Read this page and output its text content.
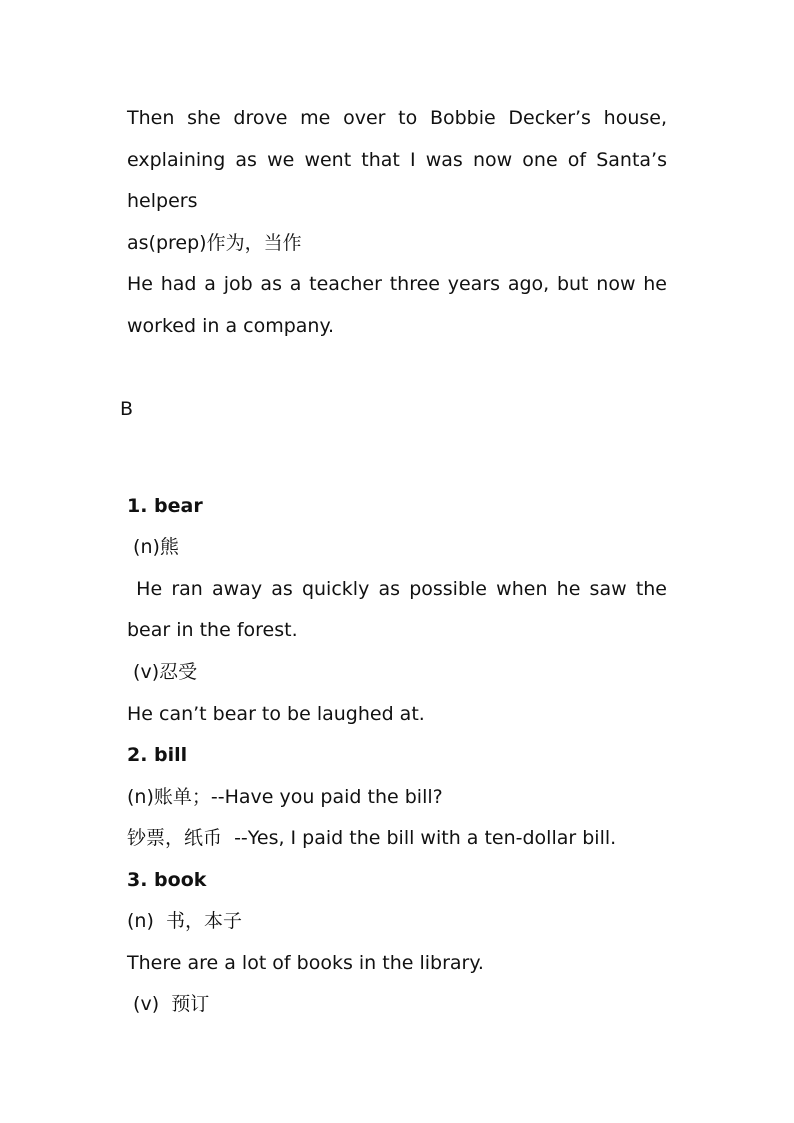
Then she drove me over to Bobbie Decker’s house,
explaining as we went that I was now one of Santa’s
helpers
as(prep)作为，当作
He had a job as a teacher three years ago, but now he
worked in a company.
B
1. bear
(n)熊
He ran away as quickly as possible when he saw the
bear in the forest.
(v)忍受
He can’t bear to be laughed at.
2. bill
(n)账单；--Have you paid the bill?
钞票，纸币  --Yes, I paid the bill with a ten-dollar bill.
3. book
(n)  书，本子
There are a lot of books in the library.
(v)  预订
